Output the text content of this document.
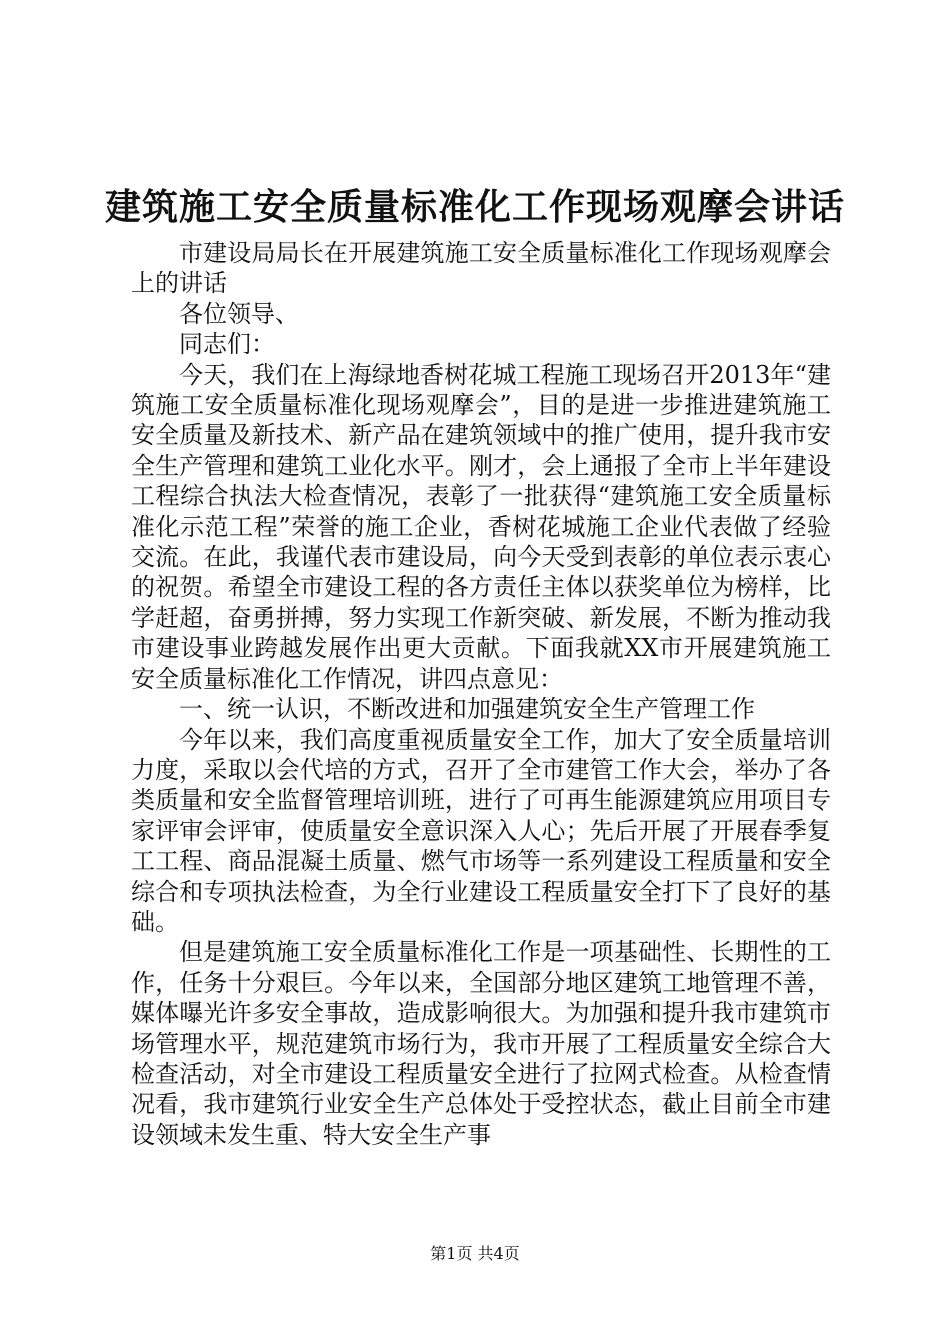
建筑施工安全质量标准化工作现场观摩会讲话

市建设局局长在开展建筑施工安全质量标准化工作现场观摩会上的讲话

各位领导、

同志们：

今天，我们在上海绿地香树花城工程施工现场召开2013年“建筑施工安全质量标准化现场观摩会”，目的是进一步推进建筑施工安全质量及新技术、新产品在建筑领域中的推广使用，提升我市安全生产管理和建筑工业化水平。刚才，会上通报了全市上半年建设工程综合执法大检查情况，表彰了一批获得“建筑施工安全质量标准化示范工程”荣誉的施工企业，香树花城施工企业代表做了经验交流。在此，我谨代表市建设局，向今天受到表彰的单位表示衷心的祝贺。希望全市建设工程的各方责任主体以获奖单位为榜样，比学赶超，奋勇拼搏，努力实现工作新突破、新发展，不断为推动我市建设事业跨越发展作出更大贡献。下面我就XX市开展建筑施工安全质量标准化工作情况，讲四点意见：

一、统一认识，不断改进和加强建筑安全生产管理工作

今年以来，我们高度重视质量安全工作，加大了安全质量培训力度，采取以会代培的方式，召开了全市建管工作大会，举办了各类质量和安全监督管理培训班，进行了可再生能源建筑应用项目专家评审会评审，使质量安全意识深入人心；先后开展了开展春季复工工程、商品混凝土质量、燃气市场等一系列建设工程质量和安全综合和专项执法检查，为全行业建设工程质量安全打下了良好的基础。

但是建筑施工安全质量标准化工作是一项基础性、长期性的工作，任务十分艰巨。今年以来，全国部分地区建筑工地管理不善，媒体曝光许多安全事故，造成影响很大。为加强和提升我市建筑市场管理水平，规范建筑市场行为，我市开展了工程质量安全综合大检查活动，对全市建设工程质量安全进行了拉网式检查。从检查情况看，我市建筑行业安全生产总体处于受控状态，截止目前全市建设领域未发生重、特大安全生产事

第1页 共4页
